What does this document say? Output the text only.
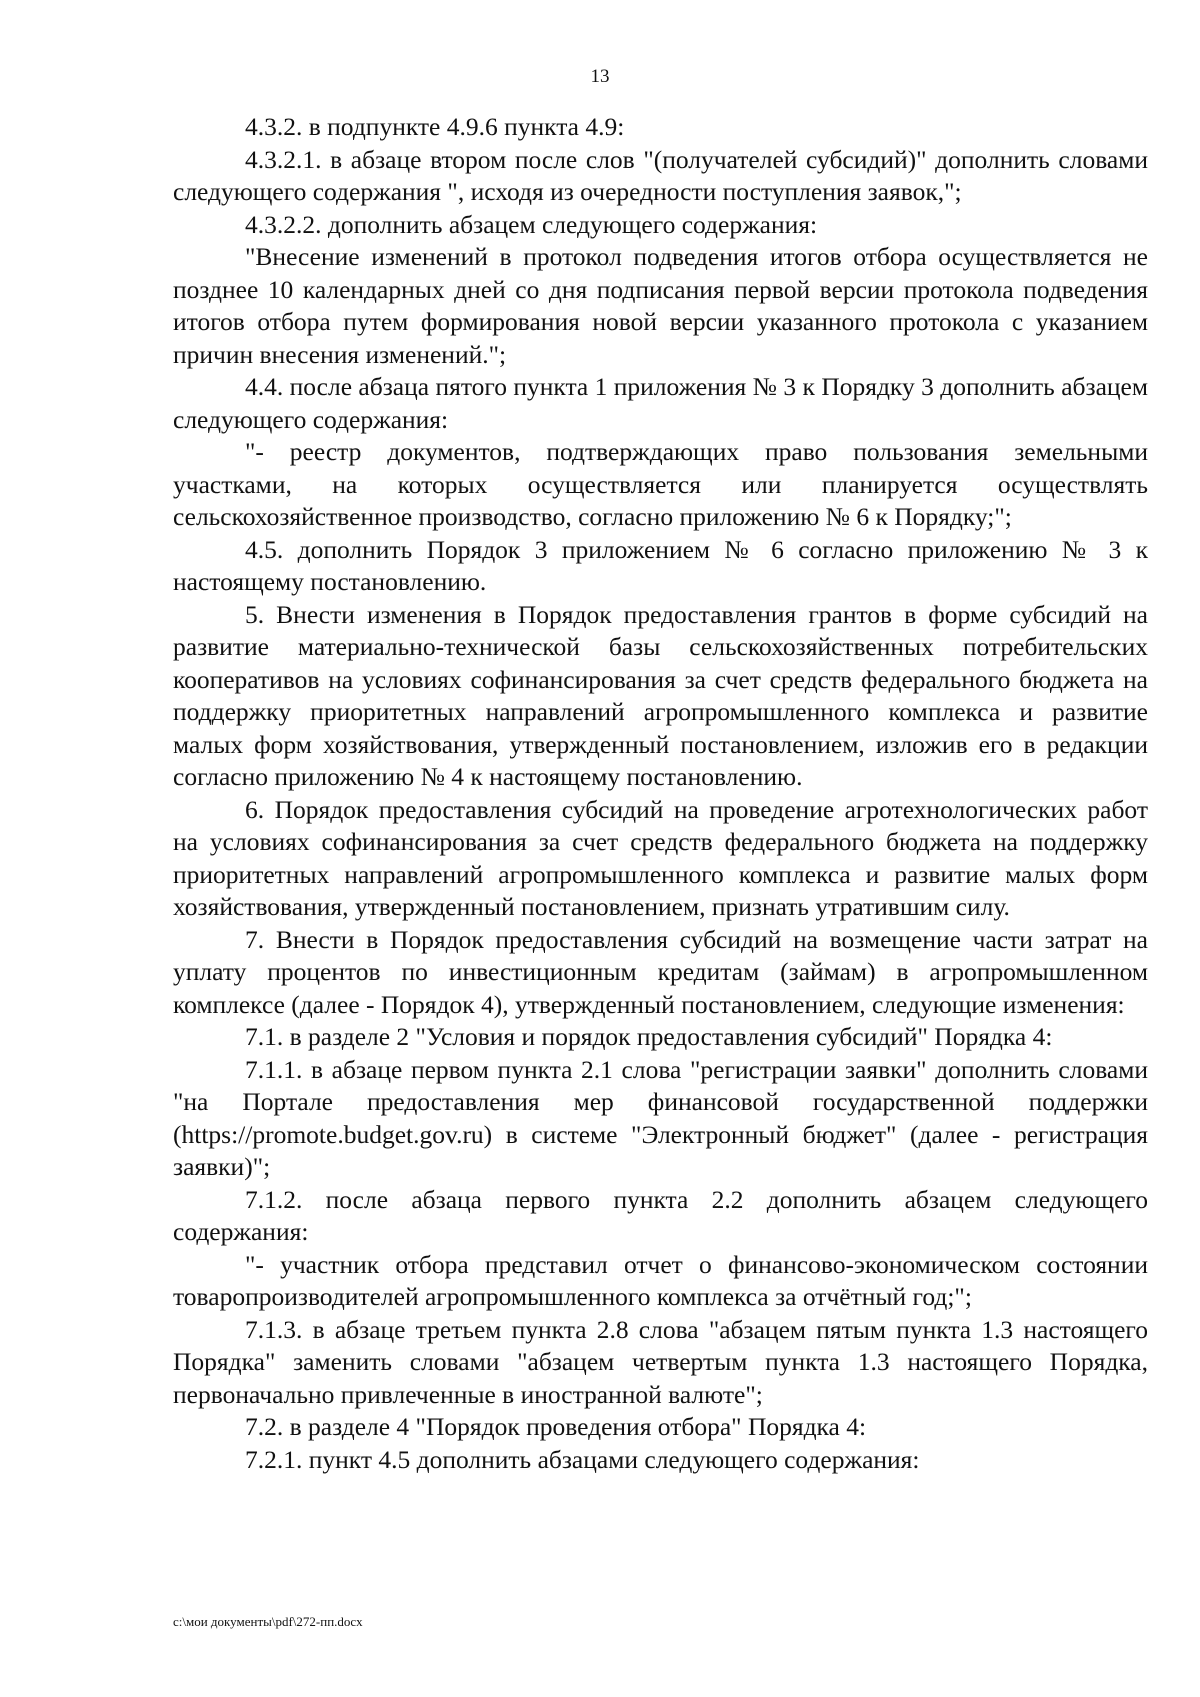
13

4.3.2. в подпункте 4.9.6 пункта 4.9:

4.3.2.1. в абзаце втором после слов "(получателей субсидий)" дополнить словами следующего содержания ", исходя из очередности поступления заявок,";

4.3.2.2. дополнить абзацем следующего содержания:

"Внесение изменений в протокол подведения итогов отбора осуществляется не позднее 10 календарных дней со дня подписания первой версии протокола подведения итогов отбора путем формирования новой версии указанного протокола с указанием причин внесения изменений.";

4.4. после абзаца пятого пункта 1 приложения № 3 к Порядку 3 дополнить абзацем следующего содержания:

"- реестр документов, подтверждающих право пользования земельными участками, на которых осуществляется или планируется осуществлять сельскохозяйственное производство, согласно приложению № 6 к Порядку;";

4.5. дополнить Порядок 3 приложением № 6 согласно приложению № 3 к настоящему постановлению.

5. Внести изменения в Порядок предоставления грантов в форме субсидий на развитие материально-технической базы сельскохозяйственных потребительских кооперативов на условиях софинансирования за счет средств федерального бюджета на поддержку приоритетных направлений агропромышленного комплекса и развитие малых форм хозяйствования, утвержденный постановлением, изложив его в редакции согласно приложению № 4 к настоящему постановлению.

6. Порядок предоставления субсидий на проведение агротехнологических работ на условиях софинансирования за счет средств федерального бюджета на поддержку приоритетных направлений агропромышленного комплекса и развитие малых форм хозяйствования, утвержденный постановлением, признать утратившим силу.

7. Внести в Порядок предоставления субсидий на возмещение части затрат на уплату процентов по инвестиционным кредитам (займам) в агропромышленном комплексе (далее - Порядок 4), утвержденный постановлением, следующие изменения:

7.1. в разделе 2 "Условия и порядок предоставления субсидий" Порядка 4:

7.1.1. в абзаце первом пункта 2.1 слова "регистрации заявки" дополнить словами "на Портале предоставления мер финансовой государственной поддержки (https://promote.budget.gov.ru) в системе "Электронный бюджет" (далее - регистрация заявки)";

7.1.2. после абзаца первого пункта 2.2 дополнить абзацем следующего содержания:

"- участник отбора представил отчет о финансово-экономическом состоянии товаропроизводителей агропромышленного комплекса за отчётный год;";

7.1.3. в абзаце третьем пункта 2.8 слова "абзацем пятым пункта 1.3 настоящего Порядка" заменить словами "абзацем четвертым пункта 1.3 настоящего Порядка, первоначально привлеченные в иностранной валюте";

7.2. в разделе 4 "Порядок проведения отбора" Порядка 4:

7.2.1. пункт 4.5 дополнить абзацами следующего содержания:

c:\мои документы\pdf\272-пп.docx
